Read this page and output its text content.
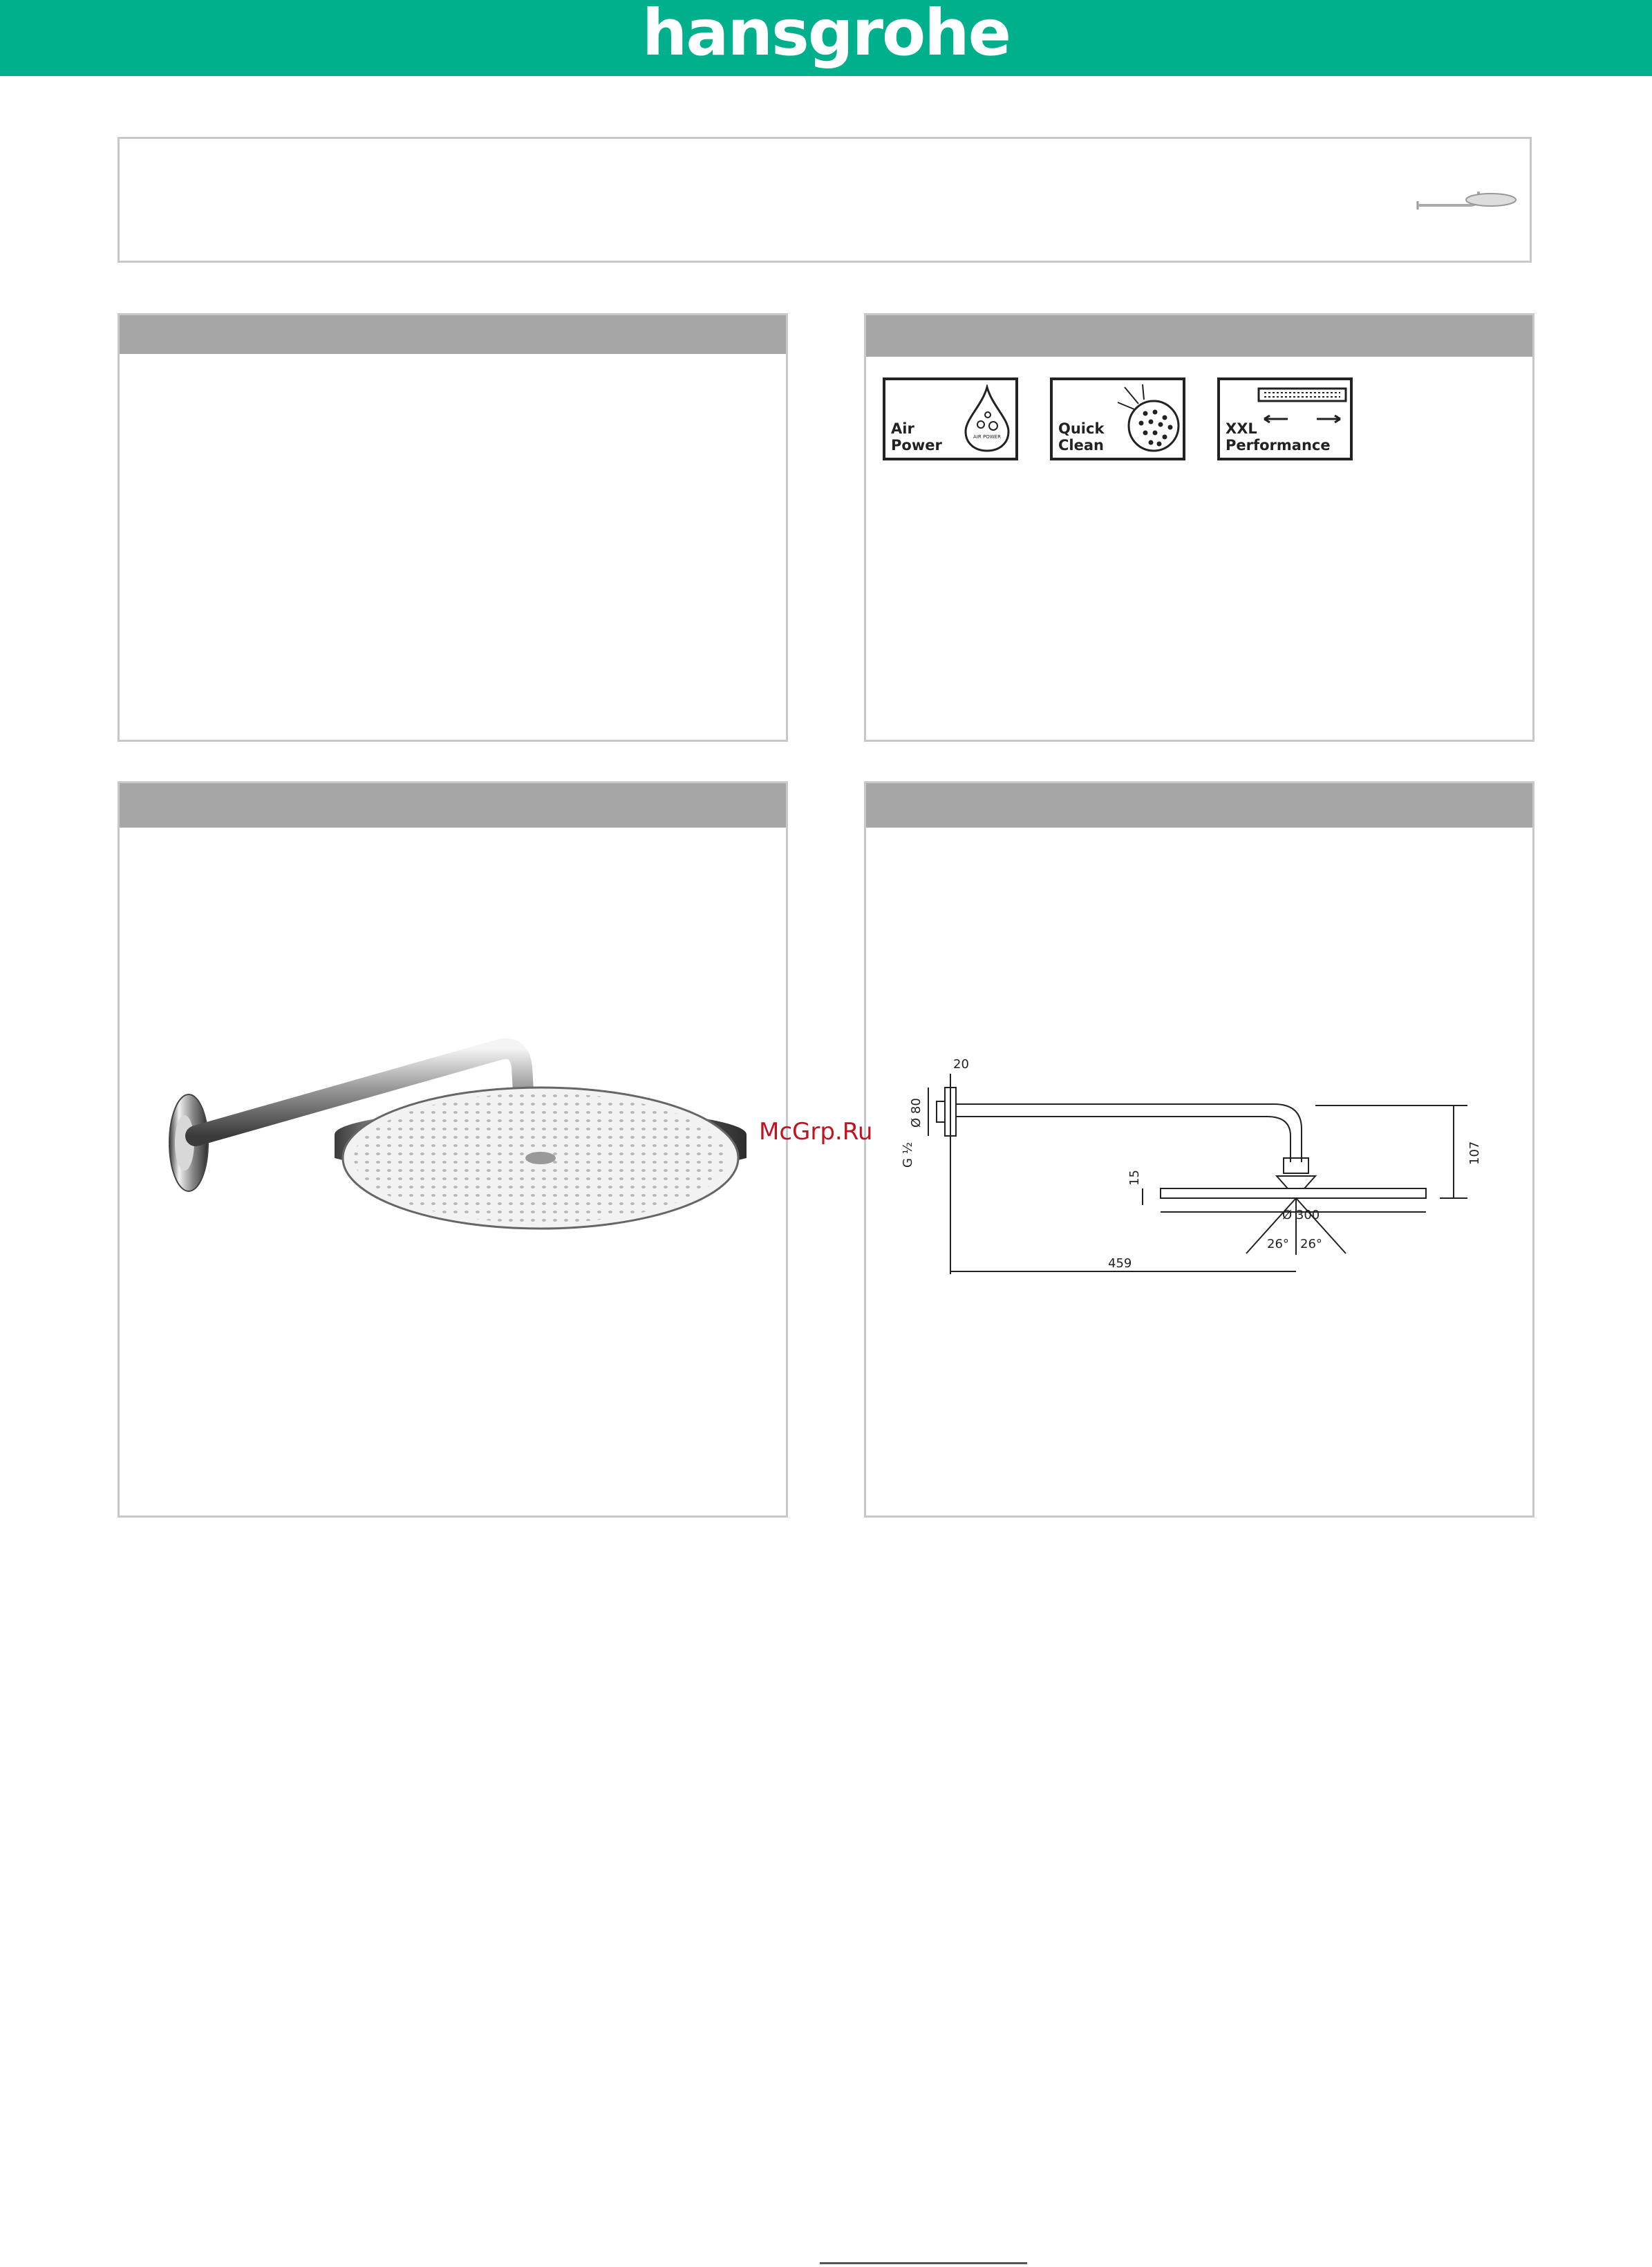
hansgrohe
Air
Power	AIR POWER	Quick
Clean
XXL
Performance
20
Ø 80
G ½
15
107
Ø 300
26° 26°
459
McGrp.Ru
